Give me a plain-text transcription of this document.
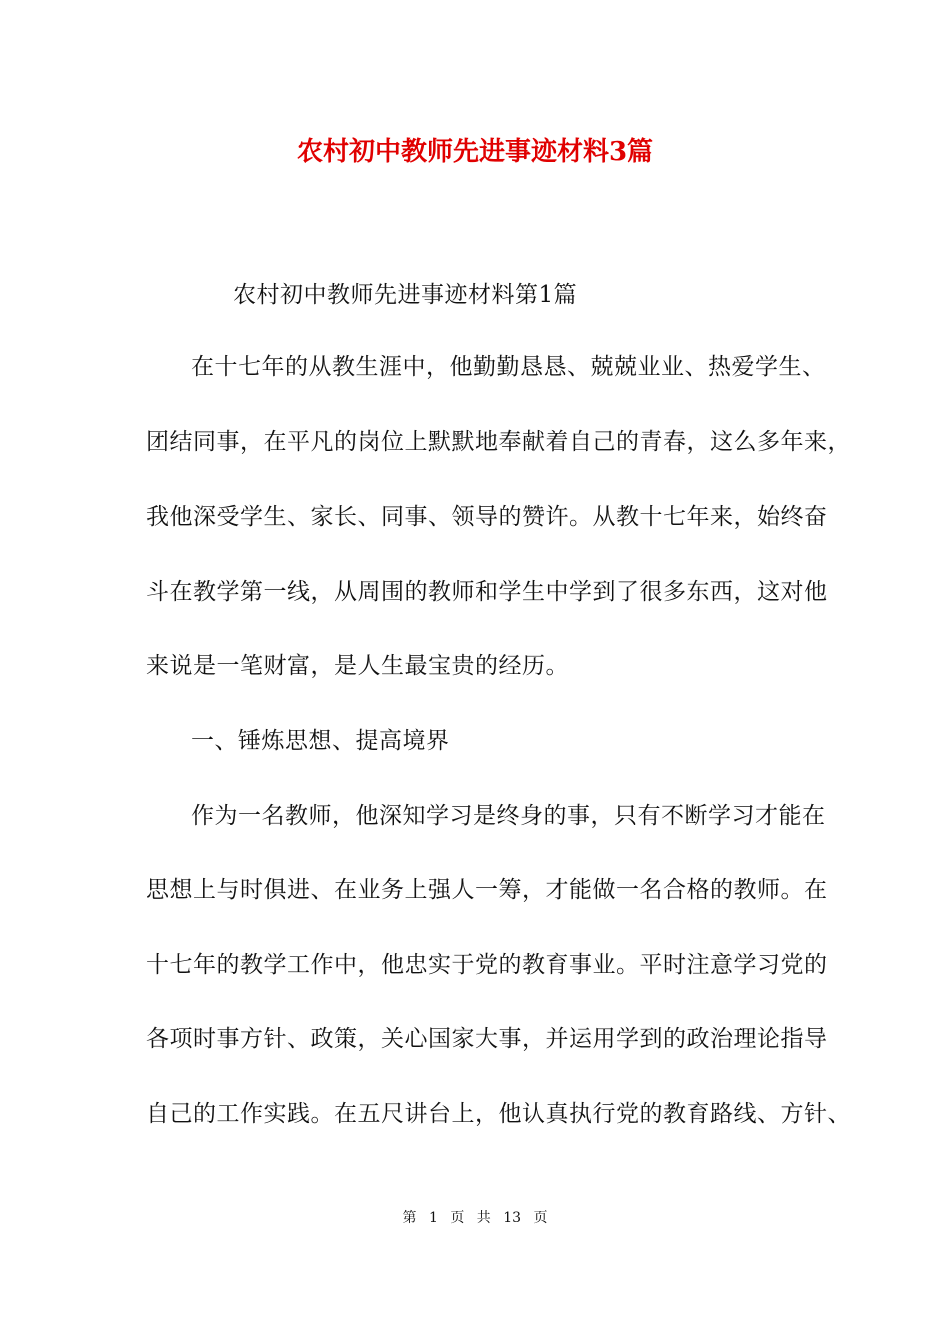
农村初中教师先进事迹材料3篇
农村初中教师先进事迹材料第1篇
在十七年的从教生涯中，他勤勤恳恳、兢兢业业、热爱学生、
团结同事，在平凡的岗位上默默地奉献着自己的青春，这么多年来，
我他深受学生、家长、同事、领导的赞许。从教十七年来，始终奋
斗在教学第一线，从周围的教师和学生中学到了很多东西，这对他
来说是一笔财富，是人生最宝贵的经历。
一、锤炼思想、提高境界
作为一名教师，他深知学习是终身的事，只有不断学习才能在
思想上与时俱进、在业务上强人一筹，才能做一名合格的教师。在
十七年的教学工作中，他忠实于党的教育事业。平时注意学习党的
各项时事方针、政策，关心国家大事，并运用学到的政治理论指导
自己的工作实践。在五尺讲台上，他认真执行党的教育路线、方针、
第 1 页 共 13 页
